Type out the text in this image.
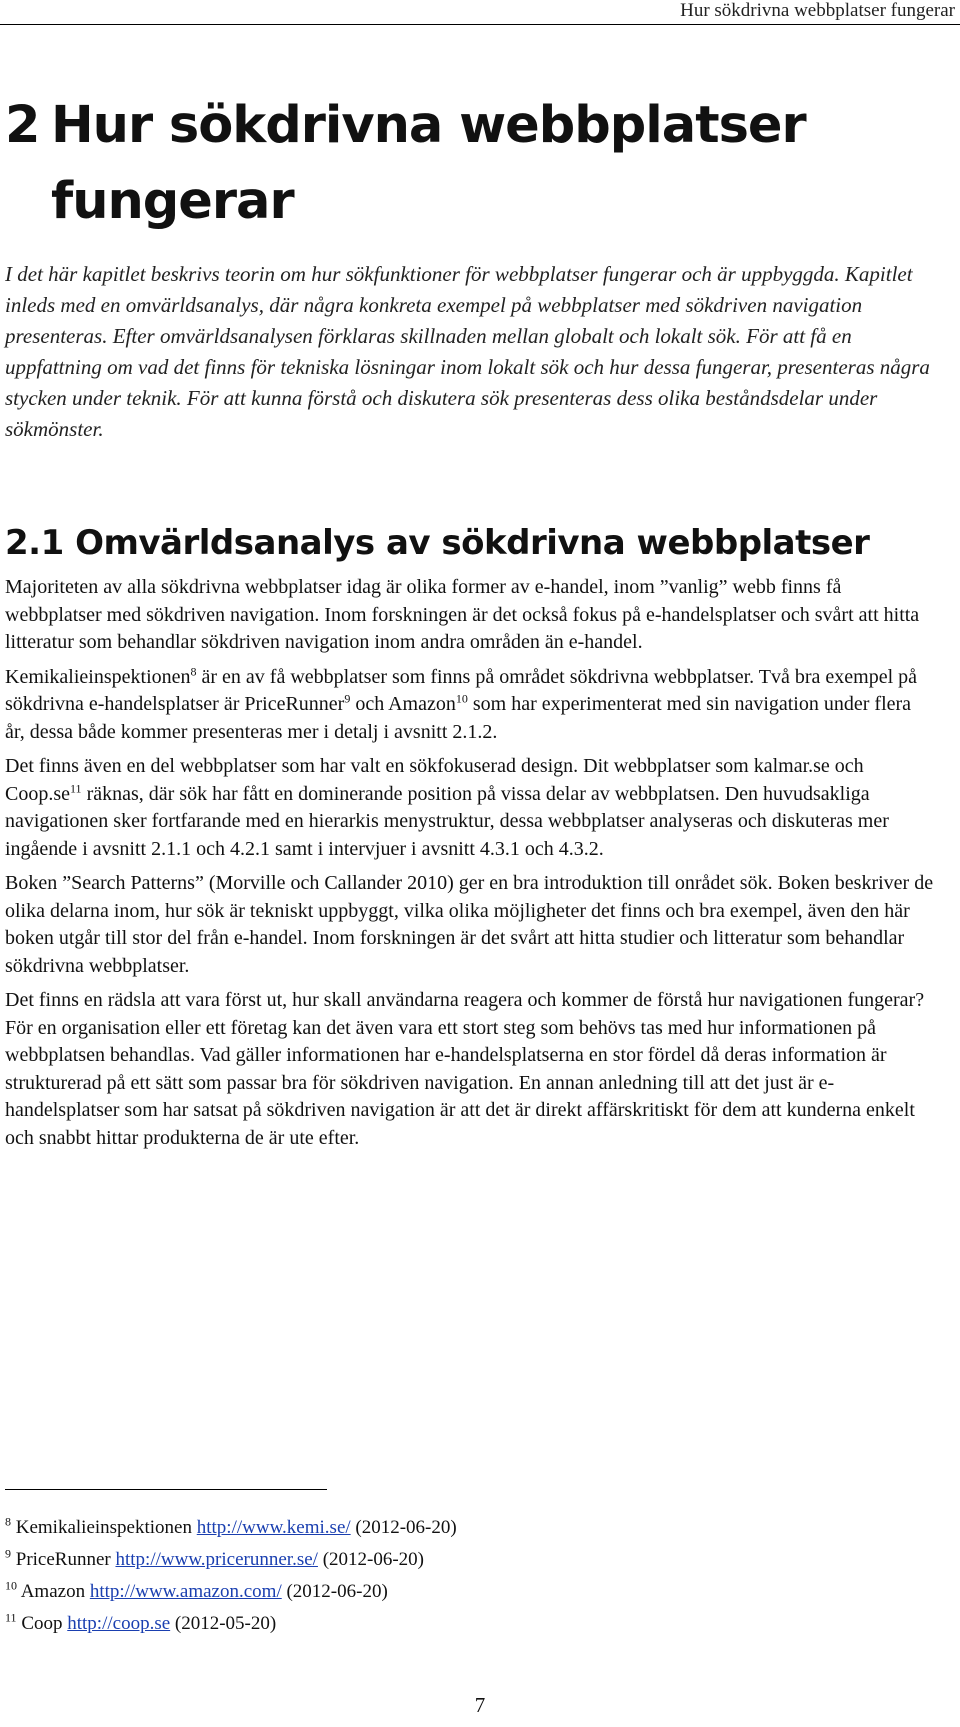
Hur sökdrivna webbplatser fungerar
2 Hur sökdrivna webbplatser
fungerar

I det här kapitlet beskrivs teorin om hur sökfunktioner för webbplatser fungerar och är uppbyggda. Kapitlet inleds med en omvärldsanalys, där några konkreta exempel på webbplatser med sökdriven navigation presenteras. Efter omvärldsanalysen förklaras skillnaden mellan globalt och lokalt sök. För att få en uppfattning om vad det finns för tekniska lösningar inom lokalt sök och hur dessa fungerar, presenteras några stycken under teknik. För att kunna förstå och diskutera sök presenteras dess olika beståndsdelar under sökmönster.

2.1 Omvärldsanalys av sökdrivna webbplatser

Majoriteten av alla sökdrivna webbplatser idag är olika former av e-handel, inom ”vanlig” webb finns få webbplatser med sökdriven navigation. Inom forskningen är det också fokus på e-handelsplatser och svårt att hitta litteratur som behandlar sökdriven navigation inom andra områden än e-handel.

Kemikalieinspektionen$^8$ är en av få webbplatser som finns på området sökdrivna webbplatser. Två bra exempel på sökdrivna e-handelsplatser är PriceRunner$^9$ och Amazon$^{10}$ som har experimenterat med sin navigation under flera år, dessa både kommer presenteras mer i detalj i avsnitt 2.1.2.

Det finns även en del webbplatser som har valt en sökfokuserad design. Dit webbplatser som kalmar.se och $Coop.se^{11}$ räknas, där sök har fått en dominerande position på vissa delar av webbplatsen. Den huvudsakliga navigationen sker fortfarande med en hierarkis menystruktur, dessa webbplatser analyseras och diskuteras mer ingående i avsnitt 2.1.1 och 4.2.1 samt i intervjuer i avsnitt 4.3.1 och 4.3.2.

Boken ”Search Patterns” (Morville och Callander 2010) ger en bra introduktion till onrådet sök. Boken beskriver de olika delarna inom, hur sök är tekniskt uppbyggt, vilka olika möjligheter det finns och bra exempel, även den här boken utgår till stor del från e-handel. Inom forskningen är det svårt att hitta studier och litteratur som behandlar sökdrivna webbplatser.

Det finns en rädsla att vara först ut, hur skall användarna reagera och kommer de förstå hur navigationen fungerar? För en organisation eller ett företag kan det även vara ett stort steg som behövs tas med hur informationen på webbplatsen behandlas. Vad gäller informationen har e-handelsplatserna en stor fördel då deras information är strukturerad på ett sätt som passar bra för sökdriven navigation. En annan anledning till att det just är e-handelsplatser som har satsat på sökdriven navigation är att det är direkt affärskritiskt för dem att kunderna enkelt och snabbt hittar produkterna de är ute efter.

$^8$ Kemikalieinspektionen http://www.kemi.se/ (2012-06-20)
$^9$ PriceRunner http://www.pricerunner.se/ (2012-06-20)
$^{10}$ Amazon http://www.amazon.com/ (2012-06-20)
$^{11}$ Coop http://coop.se (2012-05-20)
7
